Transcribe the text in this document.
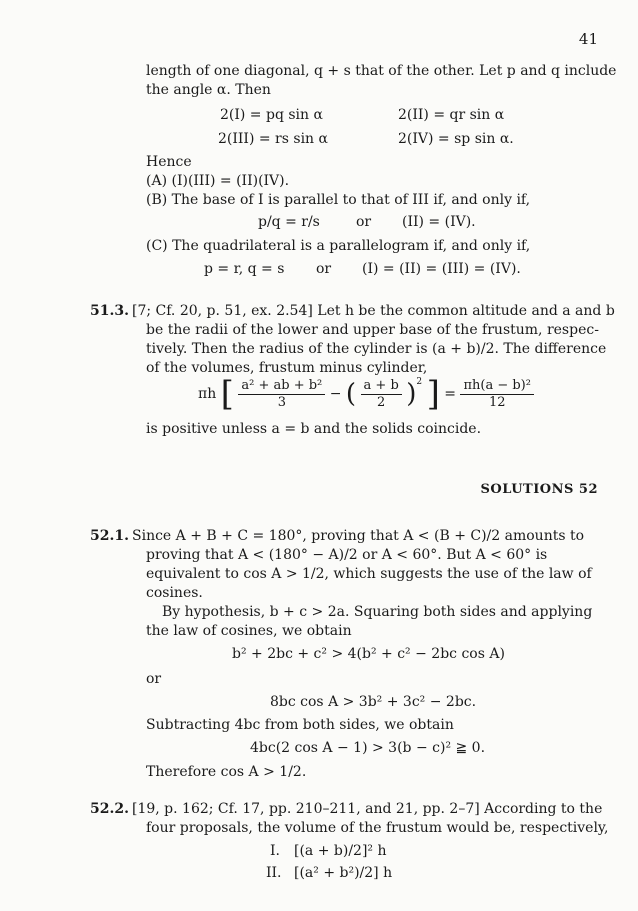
41
length of one diagonal, q + s that of the other. Let p and q include
the angle α. Then
2(I) = pq sin α	2(II) = qr sin α
2(III) = rs sin α	2(IV) = sp sin α.
Hence
(A) (I)(III) = (II)(IV).
(B) The base of I is parallel to that of III if, and only if,
p/q = r/s	or (II) = (IV).
(C) The quadrilateral is a parallelogram if, and only if,
p = r, q = s or (I) = (II) = (III) = (IV).
51.3. [7; Cf. 20, p. 51, ex. 2.54] Let h be the common altitude and a and b
be the radii of the lower and upper base of the frustum, respec-
tively. Then the radius of the cylinder is (a + b)/2. The difference
of the volumes, frustum minus cylinder,
πh [ $\frac{\text{a² + ab + b²}}{3}$ − ( $\frac{a + b}{2} )^2$ ] = $\frac{\text{πh(a − b)²}}{12}$
is positive unless a = b and the solids coincide.
SOLUTIONS 52
52.1. Since A + B + C = 180°, proving that A < (B + C)/2 amounts to
proving that A < (180° − A)/2 or A < 60°. But A < 60° is
equivalent to cos A > 1/2, which suggests the use of the law of
cosines.
By hypothesis, b + c > 2a. Squaring both sides and applying
the law of cosines, we obtain
b² + 2bc + c² > 4(b² + c² − 2bc cos A)
or
8bc cos A > 3b² + 3c² − 2bc.
Subtracting 4bc from both sides, we obtain
4bc(2 cos A − 1) > 3(b − c)² ≧ 0.
Therefore cos A > 1/2.
52.2. [19, p. 162; Cf. 17, pp. 210–211, and 21, pp. 2–7] According to the
four proposals, the volume of the frustum would be, respectively,
I. [(a + b)/2]² h
II. [(a² + b²)/2] h
